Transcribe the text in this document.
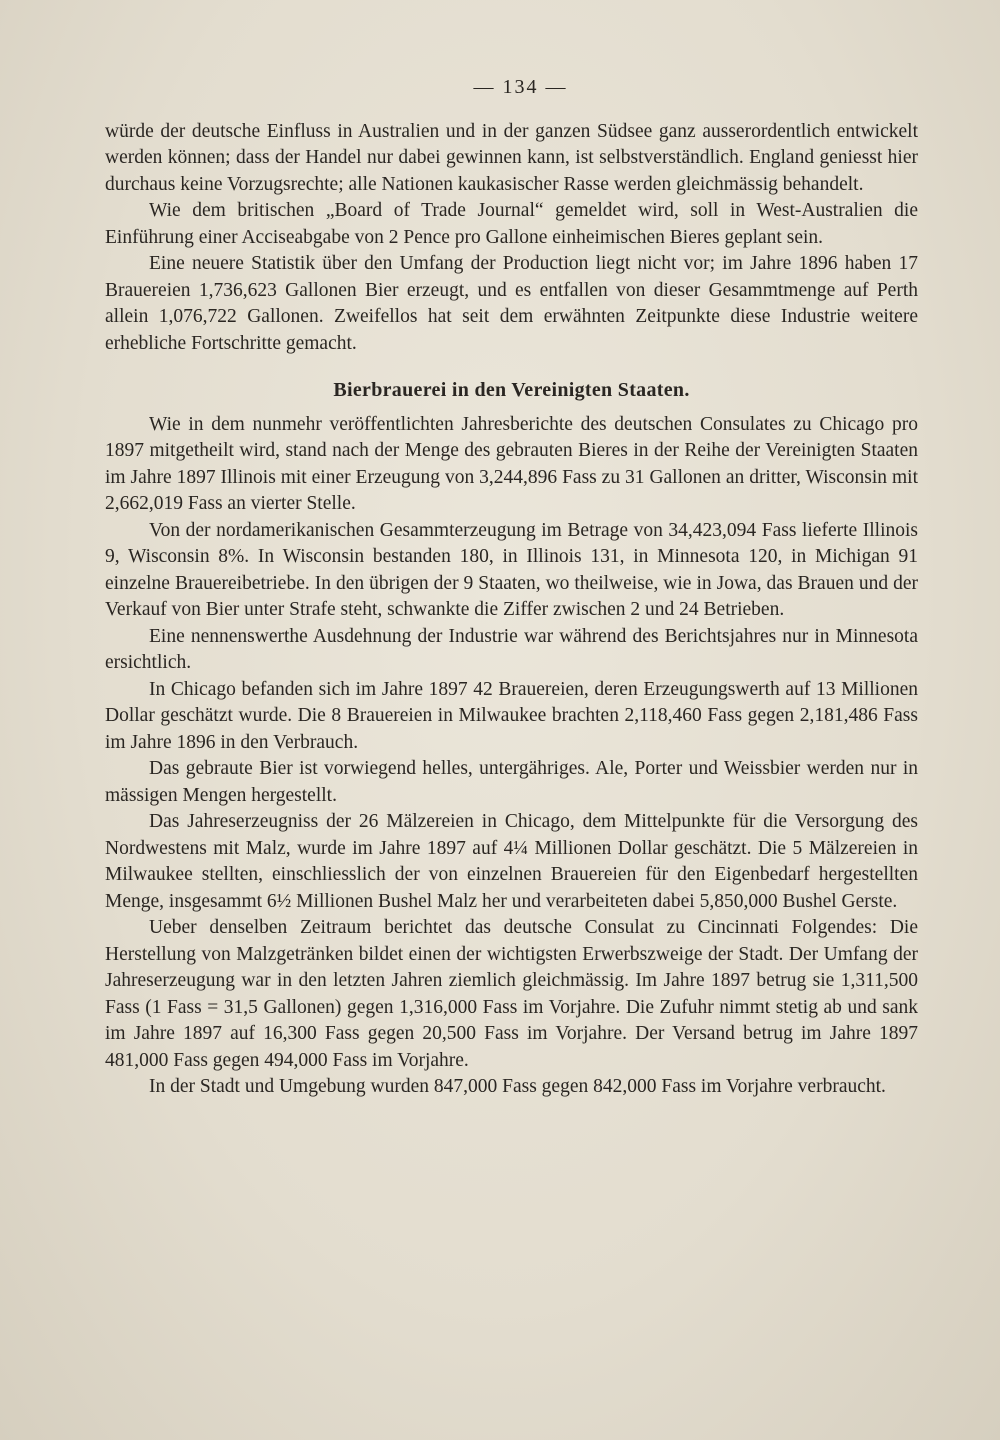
— 134 —

würde der deutsche Einfluss in Australien und in der ganzen Südsee ganz ausserordentlich entwickelt werden können; dass der Handel nur dabei gewinnen kann, ist selbstverständlich. England geniesst hier durchaus keine Vorzugsrechte; alle Nationen kaukasischer Rasse werden gleichmässig behandelt.

Wie dem britischen „Board of Trade Journal“ gemeldet wird, soll in West-Australien die Einführung einer Acciseabgabe von 2 Pence pro Gallone einheimischen Bieres geplant sein.

Eine neuere Statistik über den Umfang der Production liegt nicht vor; im Jahre 1896 haben 17 Brauereien 1,736,623 Gallonen Bier erzeugt, und es entfallen von dieser Gesammtmenge auf Perth allein 1,076,722 Gallonen. Zweifellos hat seit dem erwähnten Zeitpunkte diese Industrie weitere erhebliche Fortschritte gemacht.

Bierbrauerei in den Vereinigten Staaten.

Wie in dem nunmehr veröffentlichten Jahresberichte des deutschen Consulates zu Chicago pro 1897 mitgetheilt wird, stand nach der Menge des gebrauten Bieres in der Reihe der Vereinigten Staaten im Jahre 1897 Illinois mit einer Erzeugung von 3,244,896 Fass zu 31 Gallonen an dritter, Wisconsin mit 2,662,019 Fass an vierter Stelle.

Von der nordamerikanischen Gesammterzeugung im Betrage von 34,423,094 Fass lieferte Illinois 9, Wisconsin 8%. In Wisconsin bestanden 180, in Illinois 131, in Minnesota 120, in Michigan 91 einzelne Brauereibetriebe. In den übrigen der 9 Staaten, wo theilweise, wie in Jowa, das Brauen und der Verkauf von Bier unter Strafe steht, schwankte die Ziffer zwischen 2 und 24 Betrieben.

Eine nennenswerthe Ausdehnung der Industrie war während des Berichtsjahres nur in Minnesota ersichtlich.

In Chicago befanden sich im Jahre 1897 42 Brauereien, deren Erzeugungswerth auf 13 Millionen Dollar geschätzt wurde. Die 8 Brauereien in Milwaukee brachten 2,118,460 Fass gegen 2,181,486 Fass im Jahre 1896 in den Verbrauch.

Das gebraute Bier ist vorwiegend helles, untergähriges. Ale, Porter und Weissbier werden nur in mässigen Mengen hergestellt.

Das Jahreserzeugniss der 26 Mälzereien in Chicago, dem Mittelpunkte für die Versorgung des Nordwestens mit Malz, wurde im Jahre 1897 auf 4¼ Millionen Dollar geschätzt. Die 5 Mälzereien in Milwaukee stellten, einschliesslich der von einzelnen Brauereien für den Eigenbedarf hergestellten Menge, insgesammt 6½ Millionen Bushel Malz her und verarbeiteten dabei 5,850,000 Bushel Gerste.

Ueber denselben Zeitraum berichtet das deutsche Consulat zu Cincinnati Folgendes: Die Herstellung von Malzgetränken bildet einen der wichtigsten Erwerbszweige der Stadt. Der Umfang der Jahreserzeugung war in den letzten Jahren ziemlich gleichmässig. Im Jahre 1897 betrug sie 1,311,500 Fass (1 Fass = 31,5 Gallonen) gegen 1,316,000 Fass im Vorjahre. Die Zufuhr nimmt stetig ab und sank im Jahre 1897 auf 16,300 Fass gegen 20,500 Fass im Vorjahre. Der Versand betrug im Jahre 1897 481,000 Fass gegen 494,000 Fass im Vorjahre.

In der Stadt und Umgebung wurden 847,000 Fass gegen 842,000 Fass im Vorjahre verbraucht.
